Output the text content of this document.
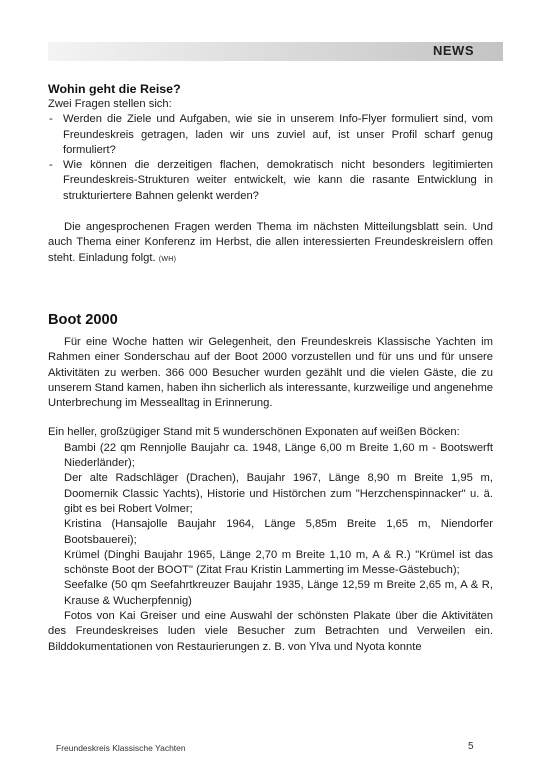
NEWS
Wohin geht die Reise?

Zwei Fragen stellen sich:

- Werden die Ziele und Aufgaben, wie sie in unserem Info-Flyer formuliert sind, vom Freundeskreis getragen, laden wir uns zuviel auf, ist unser Profil scharf genug formuliert?
- Wie können die derzeitigen flachen, demokratisch nicht besonders legitimierten Freundeskreis-Strukturen weiter entwickelt, wie kann die rasante Entwicklung in strukturiertere Bahnen gelenkt werden?

Die angesprochenen Fragen werden Thema im nächsten Mitteilungsblatt sein. Und auch Thema einer Konferenz im Herbst, die allen interessierten Freundeskreislern offen steht. Einladung folgt. (WH)

Boot 2000

Für eine Woche hatten wir Gelegenheit, den Freundeskreis Klassische Yachten im Rahmen einer Sonderschau auf der Boot 2000 vorzustellen und für uns und für unsere Aktivitäten zu werben. 366 000 Besucher wurden gezählt und die vielen Gäste, die zu unserem Stand kamen, haben ihn sicherlich als interessante, kurzweilige und angenehme Unterbrechung im Messealltag in Erinnerung.

Ein heller, großzügiger Stand mit 5 wunderschönen Exponaten auf weißen Böcken:

Bambi (22 qm Rennjolle Baujahr ca. 1948, Länge 6,00 m Breite 1,60 m - Bootswerft Niederländer);
Der alte Radschläger (Drachen), Baujahr 1967, Länge 8,90 m Breite 1,95 m, Doomernik Classic Yachts), Historie und Histörchen zum "Herzchenspinnacker" u. ä. gibt es bei Robert Volmer;
Kristina (Hansajolle Baujahr 1964, Länge 5,85m Breite 1,65 m, Niendorfer Bootsbauerei);
Krümel (Dinghi Baujahr 1965, Länge 2,70 m Breite 1,10 m, A & R.) "Krümel ist das schönste Boot der BOOT" (Zitat Frau Kristin Lammerting im Messe-Gästebuch);
Seefalke (50 qm Seefahrtkreuzer Baujahr 1935, Länge 12,59 m Breite 2,65 m, A & R, Krause & Wucherpfennig)

Fotos von Kai Greiser und eine Auswahl der schönsten Plakate über die Aktivitäten des Freundeskreises luden viele Besucher zum Betrachten und Verweilen ein. Bilddokumentationen von Restaurierungen z. B. von Ylva und Nyota konnte

Freundeskreis Klassische Yachten	5
